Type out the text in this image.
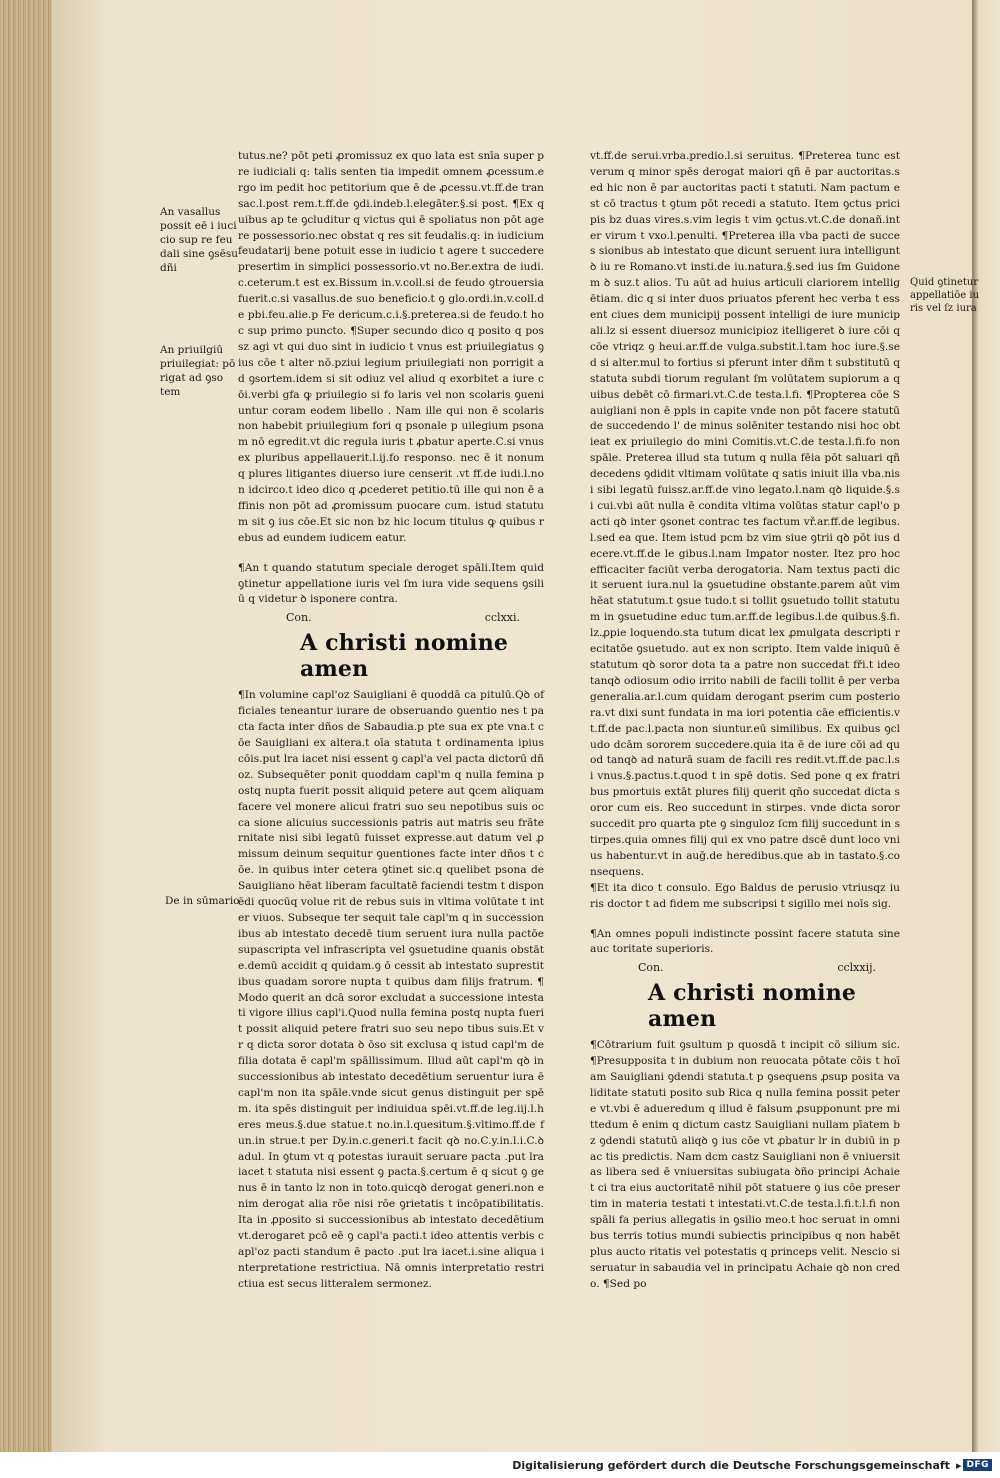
An vasallus
possit eē i iuci
cio sup re feu
dali sine ꝯsēsu
dñi
An priuilgiū
priuilegiat: pō
rigat ad ꝯso
tem
De in sūmario
Quid ꝯtinetur
appellatiōe iu
ris vel ſz iura

tutus.ne? pōt peti ꝓromissuz ex quo lata est snīa super pre iudiciali q: talis senten tia impedit omnem ꝓcessum.ergo im pedit hoc petitorium que ē de ꝓcessu.vt.ff.de transac.l.post rem.t.ff.de ꝯdi.indeb.l.elegāter.§.si post. ¶Ex quibus ap te ꝯcluditur q victus qui ē spoliatus non pōt agere possessorio.nec obstat q res sit feudalis.q: in iudicium feudatarij bene potuit esse in iudicio t agere t succedere presertim in simplici possessorio.vt no.Ber.extra de iudi.c.ceterum.t est ex.Bissum in.v.coll.si de feudo ꝯtrouersia fuerit.c.si vasallus.de suo beneficio.t ꝯ glo.ordi.in.v.coll.de pbi.feu.alie.p Fe dericum.c.i.§.preterea.si de feudo.t hoc sup primo puncto. ¶Super secundo dico q posito q possz agi vt qui duo sint in iudicio t vnus est priuilegiatus ꝯ ius cōe t alter nō.pziui legium priuilegiati non porrigit ad ꝯsortem.idem si sit odiuz vel aliud q exorbitet a iure cōi.verbi gfa ꝙ priuilegio si fo laris vel non scolaris ꝯueniuntur coram eodem libello . Nam ille qui non ē scolaris non habebit priuilegium fori q psonale p uilegium psonam nō egredit.vt dic regula iuris t ꝓbatur aperte.C.si vnus ex pluribus appellauerit.l.ij.fo responso. nec ē it nonum q plures litigantes diuerso iure censerit .vt ff.de iudi.l.non idcirco.t ideo dico q ꝓcederet petitio.tū ille qui non ē affinis non pōt ad ꝓromissum puocare cum. istud statutum sit ꝯ ius cōe.Et sic non bz hic locum titulus ꝙ quibus rebus ad eundem iudicem eatur.

¶An t quando statutum speciale deroget spāli.Item quid ꝯtinetur appellatione iuris vel ſm iura vide sequens ꝯsiliū q videtur ꝺ isponere contra.

Con.	cclxxi.
A christi nomine amen

¶In volumine capl'oz Sauigliani ē quoddā ca pitulū.Qꝺ officiales teneantur iurare de obseruando ꝯuentio nes t pacta facta inter dños de Sabaudia.p pte sua ex pte vna.t cōe Sauigliani ex altera.t oīa statuta t ordinamenta ipius cōis.put lra iacet nisi essent ꝯ capl'a vel pacta dictorū dñoz. Subsequēter ponit quoddam capl'm q nulla femina postq nupta fuerit possit aliquid petere aut ꝗcem aliquam facere vel monere alicui fratri suo seu nepotibus suis occa sione alicuius successionis patris aut matris seu frāternitate nisi sibi legatū fuisset expresse.aut datum vel ꝓmissum deinum sequitur ꝯuentiones facte inter dños t cōe. in quibus inter cetera ꝯtinet sic.q quelibet psona de Sauigliano hēat liberam facultatē faciendi testm t disponēdi quocūq volue rit de rebus suis in vltima volūtate t inter viuos. Subseque ter sequit tale capl'm q in successionibus ab intestato decedē tium seruent iura nulla pactōe supascripta vel infrascripta vel ꝯsuetudine quanis obstāte.demū accidit q quidam.ꝯ ō cessit ab intestato suprestitibus quadam sorore nupta t quibus dam filijs fratrum. ¶Modo querit an dcā soror excludat a successione intestati vigore illius capl'i.Quod nulla femina postq nupta fuerit possit aliquid petere fratri suo seu nepo tibus suis.Et vr q dicta soror dotata ꝺ ōso sit exclusa q istud capl'm de filia dotata ē capl'm spāllissimum. Illud aūt capl'm qꝺ in successionibus ab intestato decedētium seruentur iura ē capl'm non ita spāle.vnde sicut genus distinguit per spēm. ita spēs distinguit per indiuidua spēi.vt.ff.de leg.iij.l.heres meus.§.due statue.t no.in.l.quesitum.§.vltimo.ff.de fun.in strue.t per Dy.in.c.generi.t facit qꝺ no.C.y.in.l.i.C.ꝺ adul. In ꝯtum vt q potestas iurauit seruare pacta .put lra iacet t statuta nisi essent ꝯ pacta.§.certum ē q sicut ꝯ genus ē in tanto lz non in toto.quicqꝺ derogat generi.non enim derogat alia rōe nisi rōe ꝯrietatis t incōpatibilitatis. Ita in ꝓposito si successionibus ab intestato decedētium vt.derogaret pcō eē ꝯ capl'a pacti.t ideo attentis verbis capl'oz pacti standum ē pacto .put lra iacet.i.sine aliqua interpretatione restrictiua. Nā omnis interpretatio restrictiua est secus litteralem sermonez.

vt.ff.de serui.vrba.predio.l.si seruitus. ¶Preterea tunc est verum q minor spēs derogat maiori qñ ē par auctoritas.sed hic non ē par auctoritas pacti t statuti. Nam pactum est cō tractus t ꝯtum pōt recedi a statuto. Item ꝯctus pricipis bz duas vires.s.vim legis t vim ꝯctus.vt.C.de donañ.inter virum t vxo.l.penulti. ¶Preterea illa vba pacti de succes sionibus ab intestato que dicunt seruent iura intelligunt ꝺ iu re Romano.vt insti.de iu.natura.§.sed ius ſm Guidonem ꝺ suz.t alios. Tu aūt ad huius articuli clariorem intelligētiam. dic q si inter duos priuatos pferent hec verba t essent ciues dem municipij possent intelligi de iure municipali.lz si essent diuersoz municipioz itelligeret ꝺ iure cōi q cōe vtriqz ꝯ heui.ar.ff.de vulga.substit.l.tam hoc iure.§.sed si alter.mul to fortius si pferunt inter dñm t substitutū q statuta subdi tiorum regulant ſm volūtatem supiorum a quibus debēt cō firmari.vt.C.de testa.l.fi. ¶Propterea cōe Sauigliani non ē ppls in capite vnde non pōt facere statutū de succedendo l' de minus solēniter testando nisi hoc obtieat ex priuilegio do mini Comitis.vt.C.de testa.l.fi.fo non spāle. Preterea illud sta tutum q nulla fēia pōt saluari qñ decedens ꝯdidit vltimam volūtate q satis iniuit illa vba.nisi sibi legatū fuissz.ar.ff.de vino legato.l.nam qꝺ liquide.§.si cui.vbi aūt nulla ē condita vltima volūtas statur capl'o pacti qꝺ inter ꝯsonet contrac tes factum vř.ar.ff.de legibus.l.sed ea que. Item istud pcm bz vim siue ꝯtrii qꝺ pōt ius decere.vt.ff.de le gibus.l.nam Imꝑator noster. Itez pro hoc efficaciter faciūt verba derogatoria. Nam textus pacti dicit seruent iura.nul la ꝯsuetudine obstante.parem aūt vim hēat statutum.t ꝯsue tudo.t si tollit ꝯsuetudo tollit statutum in ꝯsuetudine educ tum.ar.ff.de legibus.l.de quibus.§.fi.lz.ꝓpie loquendo.sta tutum dicat lex ꝓmulgata descripti recitatōe ꝯsuetudo. aut ex non scripto. Item valde iniquū ē statutum qꝺ soror dota ta a patre non succedat fři.t ideo tanqꝺ odiosum odio irrito nabili de facili tollit ē per verba generalia.ar.l.cum quidam derogant pserim cum posteriora.vt dixi sunt fundata in ma iori potentia cāe efficientis.vt.ff.de pac.l.pacta non siuntur.eū similibus. Ex quibus ꝯcludo dcām sororem succedere.quia ita ē de iure cōi ad quod tanqꝺ ad naturā suam de facili res redit.vt.ff.de pac.l.si vnus.§.pactus.t.quod t in spē dotis. Sed pone q ex fratribus pmortuis extāt plures filij querit qño succedat dicta soror cum eis. Reo succedunt in stirpes. vnde dicta soror succedit pro quarta pte ꝯ singuloz ſcm filij succedunt in stirpes.quia omnes filij qui ex vno patre dscē dunt loco vnius habentur.vt in auḡ.de heredibus.que ab in tastato.§.consequens.

¶Et ita dico t consulo. Ego Baldus de perusio vtriusqz iu ris doctor t ad fidem me subscripsi t sigillo mei noīs sig.

¶An omnes populi indistincte possint facere statuta sine auc toritate superioris.

Con.	cclxxij.
A christi nomine amen

¶Cōtrarium fuit ꝯsultum p quosdā t incipit cō silium sic. ¶Presupposita t in dubium non reuocata pōtate cōis t hoīam Sauigliani ꝯdendi statuta.t p ꝯsequens ꝓsup posita validitate statuti posito sub Rica q nulla femina possit petere vt.vbi ē adueredum q illud ē falsum ꝓsupponunt pre mittedum ē enim q dictum castz Sauigliani nullam pīatem bz ꝯdendi statutū aliqꝺ ꝯ ius cōe vt ꝓbatur lr in dubiū in pac tis predictis. Nam dcm castz Sauigliani non ē vniuersitas libera sed ē vniuersitas subiugata ꝺño principi Achaie t ci tra eius auctoritatē nihil pōt statuere ꝯ ius cōe presertim in materia testati t intestati.vt.C.de testa.l.fi.t.l.fi non spāli fa perius allegatis in ꝯsilio meo.t hoc seruat in omnibus terris totius mundi subiectis principibus q non habēt plus aucto ritatis vel potestatis q princeps velit. Nescio si seruatur in sabaudia vel in principatu Achaie qꝺ non credo. ¶Sed po

Digitalisierung gefördert durch die Deutsche Forschungsgemeinschaft ▸ DFG
